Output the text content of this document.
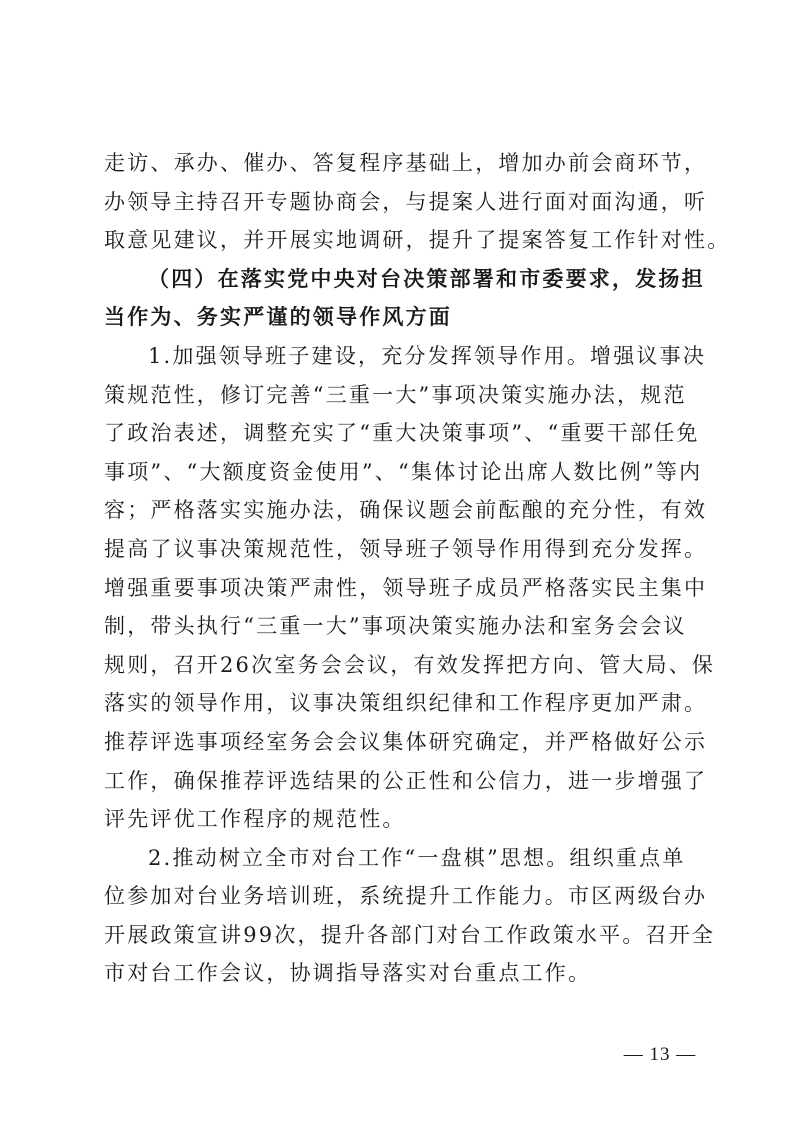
走访、承办、催办、答复程序基础上，增加办前会商环节，
办领导主持召开专题协商会，与提案人进行面对面沟通，听
取意见建议，并开展实地调研，提升了提案答复工作针对性。
（四）在落实党中央对台决策部署和市委要求，发扬担
当作为、务实严谨的领导作风方面
1.加强领导班子建设，充分发挥领导作用。增强议事决
策规范性，修订完善“三重一大”事项决策实施办法，规范
了政治表述，调整充实了“重大决策事项”、“重要干部任免
事项”、“大额度资金使用”、“集体讨论出席人数比例”等内
容；严格落实实施办法，确保议题会前酝酿的充分性，有效
提高了议事决策规范性，领导班子领导作用得到充分发挥。
增强重要事项决策严肃性，领导班子成员严格落实民主集中
制，带头执行“三重一大”事项决策实施办法和室务会会议
规则，召开26次室务会会议，有效发挥把方向、管大局、保
落实的领导作用，议事决策组织纪律和工作程序更加严肃。
推荐评选事项经室务会会议集体研究确定，并严格做好公示
工作，确保推荐评选结果的公正性和公信力，进一步增强了
评先评优工作程序的规范性。
2.推动树立全市对台工作“一盘棋”思想。组织重点单
位参加对台业务培训班，系统提升工作能力。市区两级台办
开展政策宣讲99次，提升各部门对台工作政策水平。召开全
市对台工作会议，协调指导落实对台重点工作。
— 13 —
